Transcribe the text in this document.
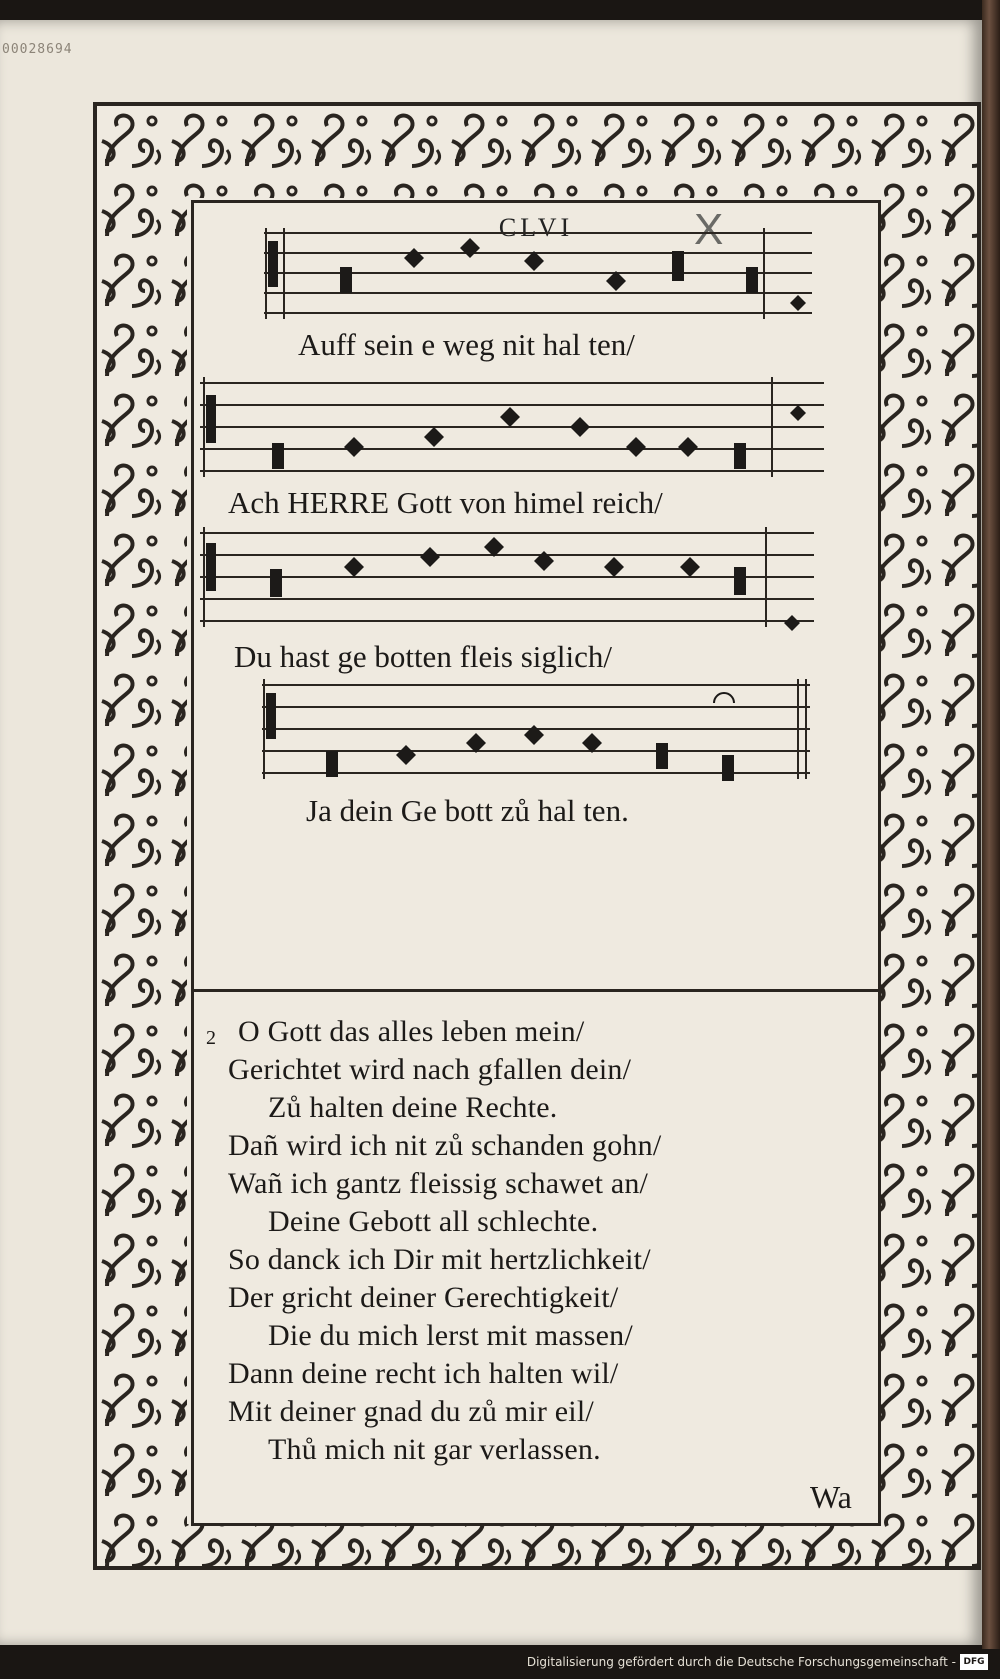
00028694
CLVI	X
Auff sein e weg nit hal ten/
Ach HERRE Gott von himel reich/
Du hast ge botten fleis siglich/
Ja dein Ge bott zů hal ten.
2 O Gott das alles leben mein/
Gerichtet wird nach gfallen dein/
Zů halten deine Rechte.
Dañ wird ich nit zů schanden gohn/
Wañ ich gantz fleissig schawet an/
Deine Gebott all schlechte.
So danck ich Dir mit hertzlichkeit/
Der gricht deiner Gerechtigkeit/
Die du mich lerst mit massen/
Dann deine recht ich halten wil/
Mit deiner gnad du zů mir eil/
Thů mich nit gar verlassen.
Wa
Digitalisierung gefördert durch die Deutsche Forschungsgemeinschaft - DFG
